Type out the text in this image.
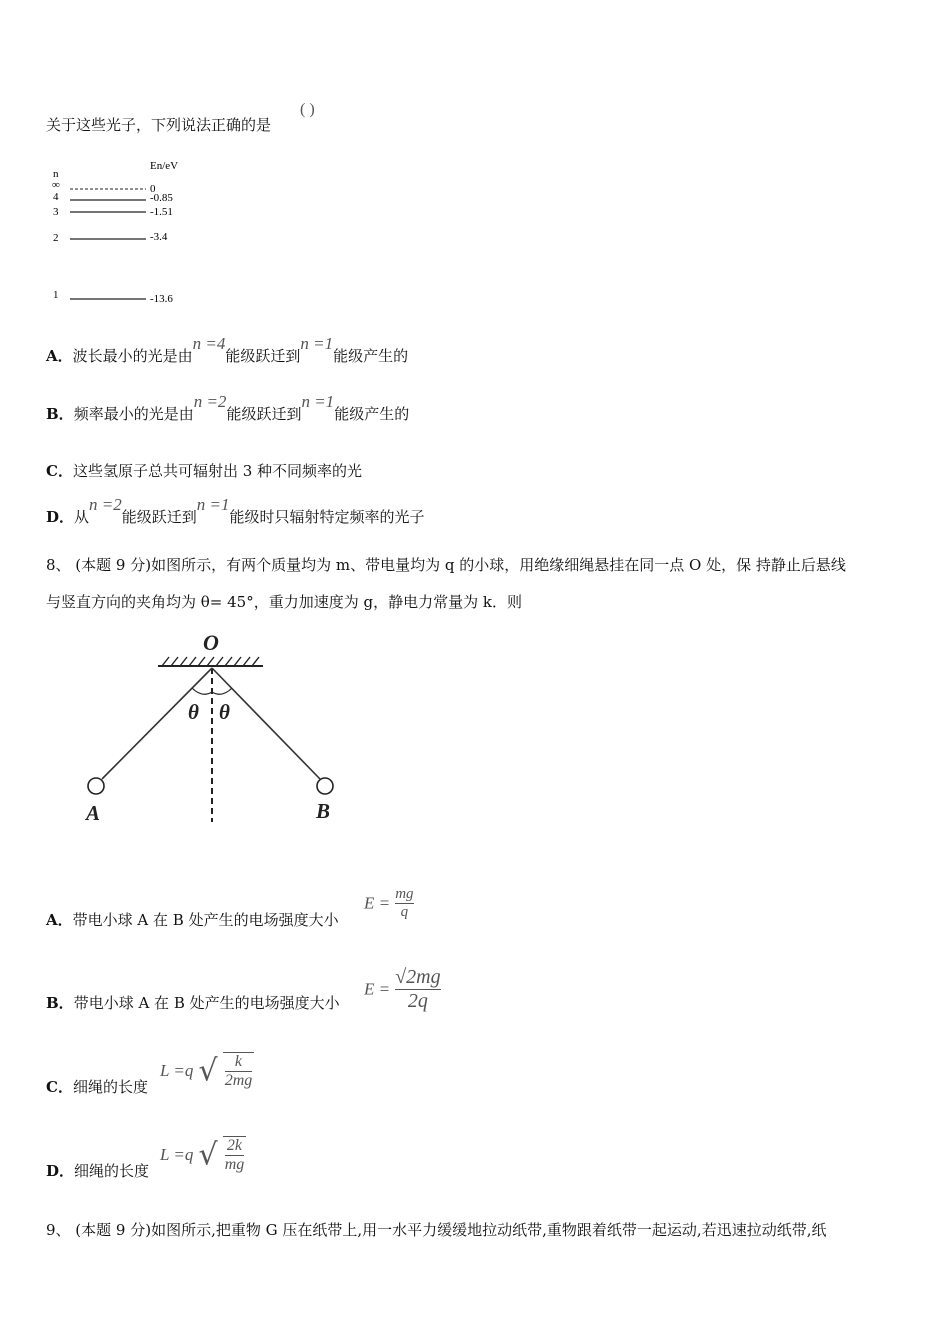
关于这些光子，下列说法正确的是
( )
n
En/eV
∞	0
4	-0.85
3	-1.51
2	-3.4
1	-13.6
A．波长最小的光是由n =4能级跃迁到n =1能级产生的
B．频率最小的光是由n =2能级跃迁到n =1能级产生的
C．这些氢原子总共可辐射出 3 种不同频率的光
D．从n =2能级跃迁到n =1能级时只辐射特定频率的光子
8、 (本题 9 分)如图所示，有两个质量均为 m、带电量均为 q 的小球，用绝缘细绳悬挂在同一点 O 处，保 持静止后悬线
与竖直方向的夹角均为 θ= 45°，重力加速度为 g，静电力常量为 k．则
O
θ θ
A	B
A．带电小球 A 在 B 处产生的电场强度大小
$E = \frac{mg}{q}$
B．带电小球 A 在 B 处产生的电场强度大小
$E = \frac{√2mg}{2q}$
C．细绳的长度
L =q √ $\frac{k}{2mg}$
D．细绳的长度
L =q √ $\frac{2k}{mg}$
9、 (本题 9 分)如图所示,把重物 G 压在纸带上,用一水平力缓缓地拉动纸带,重物跟着纸带一起运动,若迅速拉动纸带,纸
